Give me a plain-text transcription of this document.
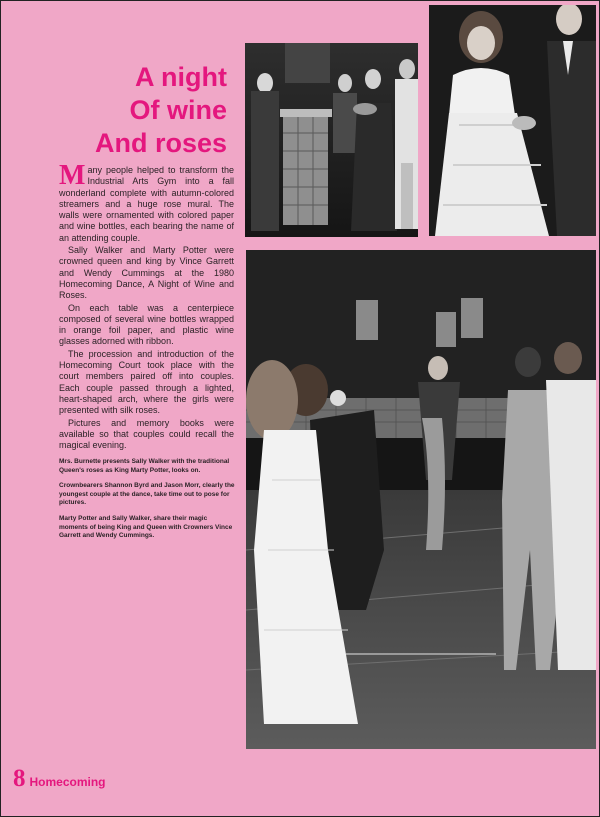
A night
Of wine
And roses

Many people helped to transform the Industrial Arts Gym into a fall wonderland complete with autumn-colored streamers and a huge rose mural. The walls were ornamented with colored paper and wine bottles, each bearing the name of an attending couple.

Sally Walker and Marty Potter were crowned queen and king by Vince Garrett and Wendy Cummings at the 1980 Homecoming Dance, A Night of Wine and Roses.

On each table was a centerpiece composed of several wine bottles wrapped in orange foil paper, and plastic wine glasses adorned with ribbon.

The procession and introduction of the Homecoming Court took place with the court members paired off into couples. Each couple passed through a lighted, heart-shaped arch, where the girls were presented with silk roses.

Pictures and memory books were available so that couples could recall the magical evening.

Mrs. Burnette presents Sally Walker with the traditional Queen's roses as King Marty Potter, looks on.

Crownbearers Shannon Byrd and Jason Morr, clearly the youngest couple at the dance, take time out to pose for pictures.

Marty Potter and Sally Walker, share their magic moments of being King and Queen with Crowners Vince Garrett and Wendy Cummings.

8 Homecoming
